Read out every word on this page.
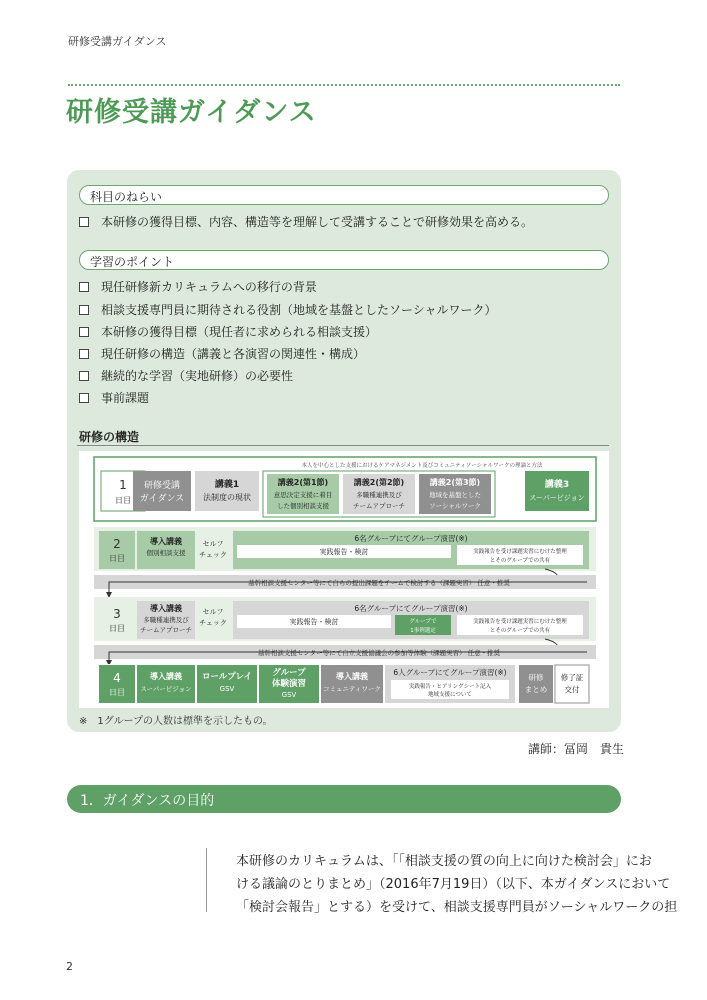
研修受講ガイダンス
研修受講ガイダンス
科目のねらい
本研修の獲得目標、内容、構造等を理解して受講することで研修効果を高める。
学習のポイント
現任研修新カリキュラムへの移行の背景
相談支援専門員に期待される役割（地域を基盤としたソーシャルワーク）
本研修の獲得目標（現任者に求められる相談支援）
現任研修の構造（講義と各演習の関連性・構成）
継続的な学習（実地研修）の必要性
事前課題
研修の構造
1
日目
研修受講
ガイダンス
講義1
法制度の現状
本人を中心とした支援におけるケアマネジメント及びコミュニティソーシャルワークの理論と方法
講義2(第1節)
意思決定支援に着目
した個別相談支援
講義2(第2節)
多職種連携及び
チームアプローチ
講義2(第3節)
地域を基盤とした
ソーシャルワーク
講義3
スーパービジョン
2
日目
導入講義
個別相談支援
セルフ
チェック
6名グループにてグループ演習(※)
実践報告・検討	実践報告を受け課題実習にむけた整理
とそのグループでの共有
基幹相談支援センター等にて自らの提出課題をチームで検討する（課題実習） 任意・推奨
3
日目
導入講義
多職種連携及び
チームアプローチ
セルフ
チェック
6名グループにてグループ演習(※)
実践報告・検討	グループで
1事例選定
実践報告を受け課題実習にむけた整理
とそのグループでの共有
基幹相談支援センター等にて自立支援協議会の参加等体験（課題実習） 任意・推奨
4
日目
導入講義
スーパービジョン
ロールプレイ
GSV
グループ
体験演習
GSV
導入講義
コミュニティワーク
6人グループにてグループ演習(※)
実践報告・ヒアリングシート記入
地域支援について
研修
まとめ
修了証
交付
※　1グループの人数は標準を示したもの。
講師：冨岡　貴生
1．ガイダンスの目的
本研修のカリキュラムは、「「相談支援の質の向上に向けた検討会」にお
ける議論のとりまとめ」（2016年7月19日）（以下、本ガイダンスにおいて
「検討会報告」とする）を受けて、相談支援専門員がソーシャルワークの担
2
